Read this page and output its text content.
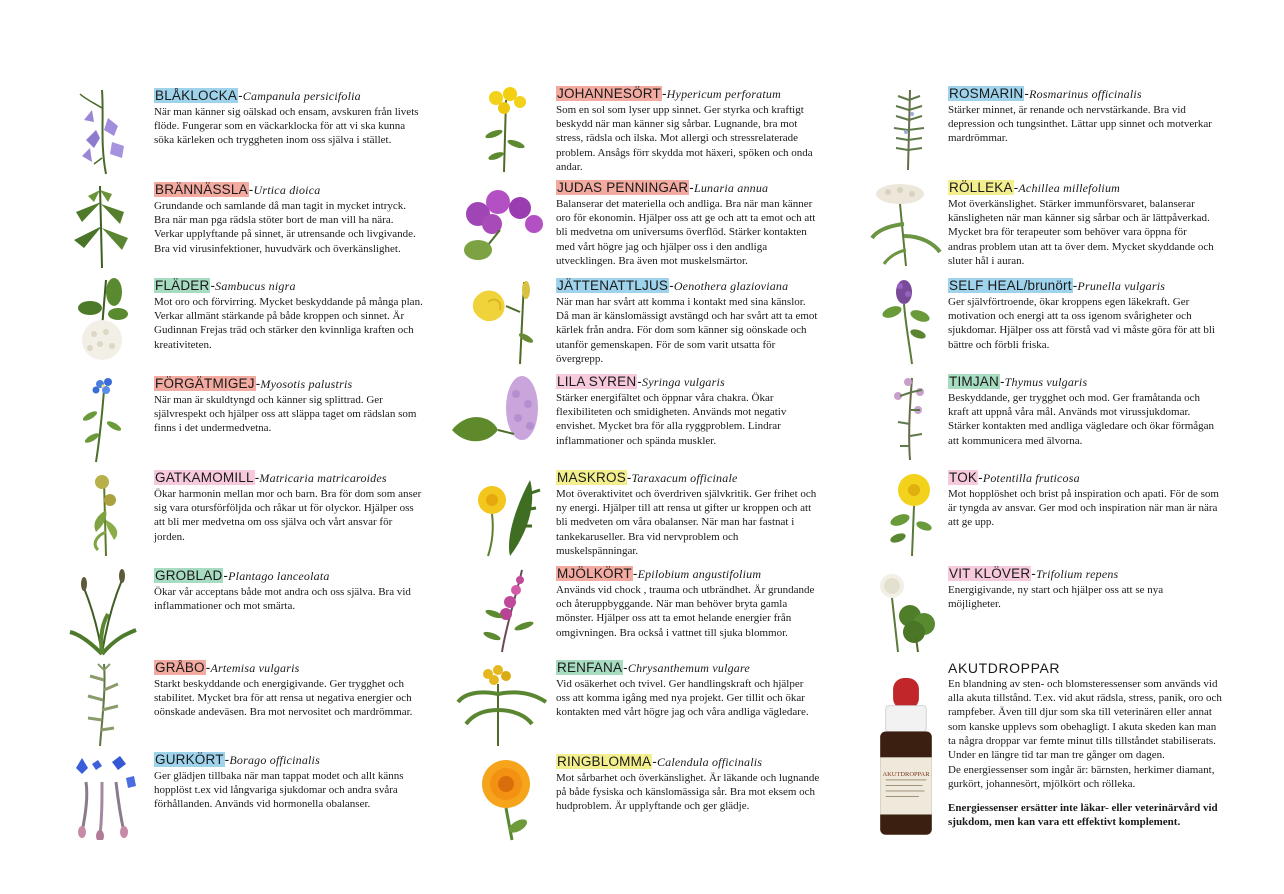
BLÅKLOCKA-Campanula persicifolia
När man känner sig oälskad och ensam, avskuren från livets flöde. Fungerar som en väckarklocka för att vi ska kunna söka kärleken och tryggheten inom oss själva i stället.
BRÄNNÄSSLA-Urtica dioica
Grundande och samlande då man tagit in mycket intryck. Bra när man pga rädsla stöter bort de man vill ha nära. Verkar upplyftande på sinnet, är utrensande och livgivande. Bra vid virusinfektioner, huvudvärk och överkänslighet.
FLÄDER-Sambucus nigra
Mot oro och förvirring. Mycket beskyddande på många plan. Verkar allmänt stärkande på både kroppen och sinnet. Är Gudinnan Frejas träd och stärker den kvinnliga kraften och kreativiteten.
FÖRGÄTMIGEJ-Myosotis palustris
När man är skuldtyngd och känner sig splittrad. Ger självrespekt och hjälper oss att släppa taget om rädslan som finns i det undermedvetna.
GATKAMOMILL-Matricaria matricaroides
Ökar harmonin mellan mor och barn. Bra för dom som anser sig vara otursförföljda och råkar ut för olyckor. Hjälper oss att bli mer medvetna om oss själva och vårt ansvar för jorden.
GROBLAD-Plantago lanceolata
Ökar vår acceptans både mot andra och oss själva. Bra vid inflammationer och mot smärta.
GRÅBO-Artemisa vulgaris
Starkt beskyddande och energigivande. Ger trygghet och stabilitet. Mycket bra för att rensa ut negativa energier och oönskade andeväsen. Bra mot nervositet och mardrömmar.
GURKÖRT-Borago officinalis
Ger glädjen tillbaka när man tappat modet och allt känns hopplöst t.ex vid långvariga sjukdomar och andra svåra förhållanden. Används vid hormonella obalanser.
JOHANNESÖRT-Hypericum perforatum
Som en sol som lyser upp sinnet. Ger styrka och kraftigt beskydd när man känner sig sårbar. Lugnande, bra mot stress, rädsla och ilska. Mot allergi och stressrelaterade problem. Ansågs förr skydda mot häxeri, spöken och onda andar.
JUDAS PENNINGAR-Lunaria annua
Balanserar det materiella och andliga. Bra när man känner oro för ekonomin. Hjälper oss att ge och att ta emot och att bli medvetna om universums överflöd. Stärker kontakten med vårt högre jag och hjälper oss i den andliga utvecklingen. Bra även mot muskelsmärtor.
JÄTTENATTLJUS-Oenothera glazioviana
När man har svårt att komma i kontakt med sina känslor. Då man är känslomässigt avstängd och har svårt att ta emot kärlek från andra. För dom som känner sig oönskade och utanför gemenskapen. För de som varit utsatta för övergrepp.
LILA SYREN-Syringa vulgaris
Stärker energifältet och öppnar våra chakra. Ökar flexibiliteten och smidigheten. Används mot negativ envishet. Mycket bra för alla ryggproblem. Lindrar inflammationer och spända muskler.
MASKROS-Taraxacum officinale
Mot överaktivitet och överdriven självkritik. Ger frihet och ny energi. Hjälper till att rensa ut gifter ur kroppen och att bli medveten om våra obalanser. När man har fastnat i tankekaruseller. Bra vid nervproblem och muskelspänningar.
MJÖLKÖRT-Epilobium angustifolium
Används vid chock , trauma och utbrändhet. Är grundande och återuppbyggande. När man behöver bryta gamla mönster. Hjälper oss att ta emot helande energier från omgivningen. Bra också i vattnet till sjuka blommor.
RENFANA-Chrysanthemum vulgare
Vid osäkerhet och tvivel. Ger handlingskraft och hjälper oss att komma igång med nya projekt. Ger tillit och ökar kontakten med vårt högre jag och våra andliga vägledare.
RINGBLOMMA-Calendula officinalis
Mot sårbarhet och överkänslighet. Är läkande och lugnande på både fysiska och känslomässiga sår. Bra mot eksem och hudproblem. Är upplyftande och ger glädje.
ROSMARIN-Rosmarinus officinalis
Stärker minnet, är renande och nervstärkande. Bra vid depression och tungsinthet. Lättar upp sinnet och motverkar mardrömmar.
RÖLLEKA-Achillea millefolium
Mot överkänslighet. Stärker immunförsvaret, balanserar känsligheten när man känner sig sårbar och är lättpåverkad. Mycket bra för terapeuter som behöver vara öppna för andras problem utan att ta över dem. Mycket skyddande och sluter hål i auran.
SELF HEAL/brunört-Prunella vulgaris
Ger självförtroende, ökar kroppens egen läkekraft. Ger motivation och energi att ta oss igenom svårigheter och sjukdomar. Hjälper oss att förstå vad vi måste göra för att bli bättre och förbli friska.
TIMJAN-Thymus vulgaris
Beskyddande, ger trygghet och mod. Ger framåtanda och kraft att uppnå våra mål. Används mot virussjukdomar. Stärker kontakten med andliga vägledare och ökar förmågan att kommunicera med älvorna.
TOK-Potentilla fruticosa
Mot hopplöshet och brist på inspiration och apati. För de som är tyngda av ansvar. Ger mod och inspiration när man är nära att ge upp.
VIT KLÖVER-Trifolium repens
Energigivande, ny start och hjälper oss att se nya möjligheter.
AKUTDROPPAR
AKUTDROPPAR
En blandning av sten- och blomsteressenser som används vid alla akuta tillstånd. T.ex. vid akut rädsla, stress, panik, oro och rampfeber. Även till djur som ska till veterinären eller annat som kanske upplevs som obehagligt. I akuta skeden kan man ta några droppar var femte minut tills tillståndet stabiliserats. Under en längre tid tar man tre gånger om dagen.
De energiessenser som ingår är: bärnsten, herkimer diamant, gurkört, johannesört, mjölkört och rölleka.
Energiessenser ersätter inte läkar- eller veterinärvård vid sjukdom, men kan vara ett effektivt komplement.
